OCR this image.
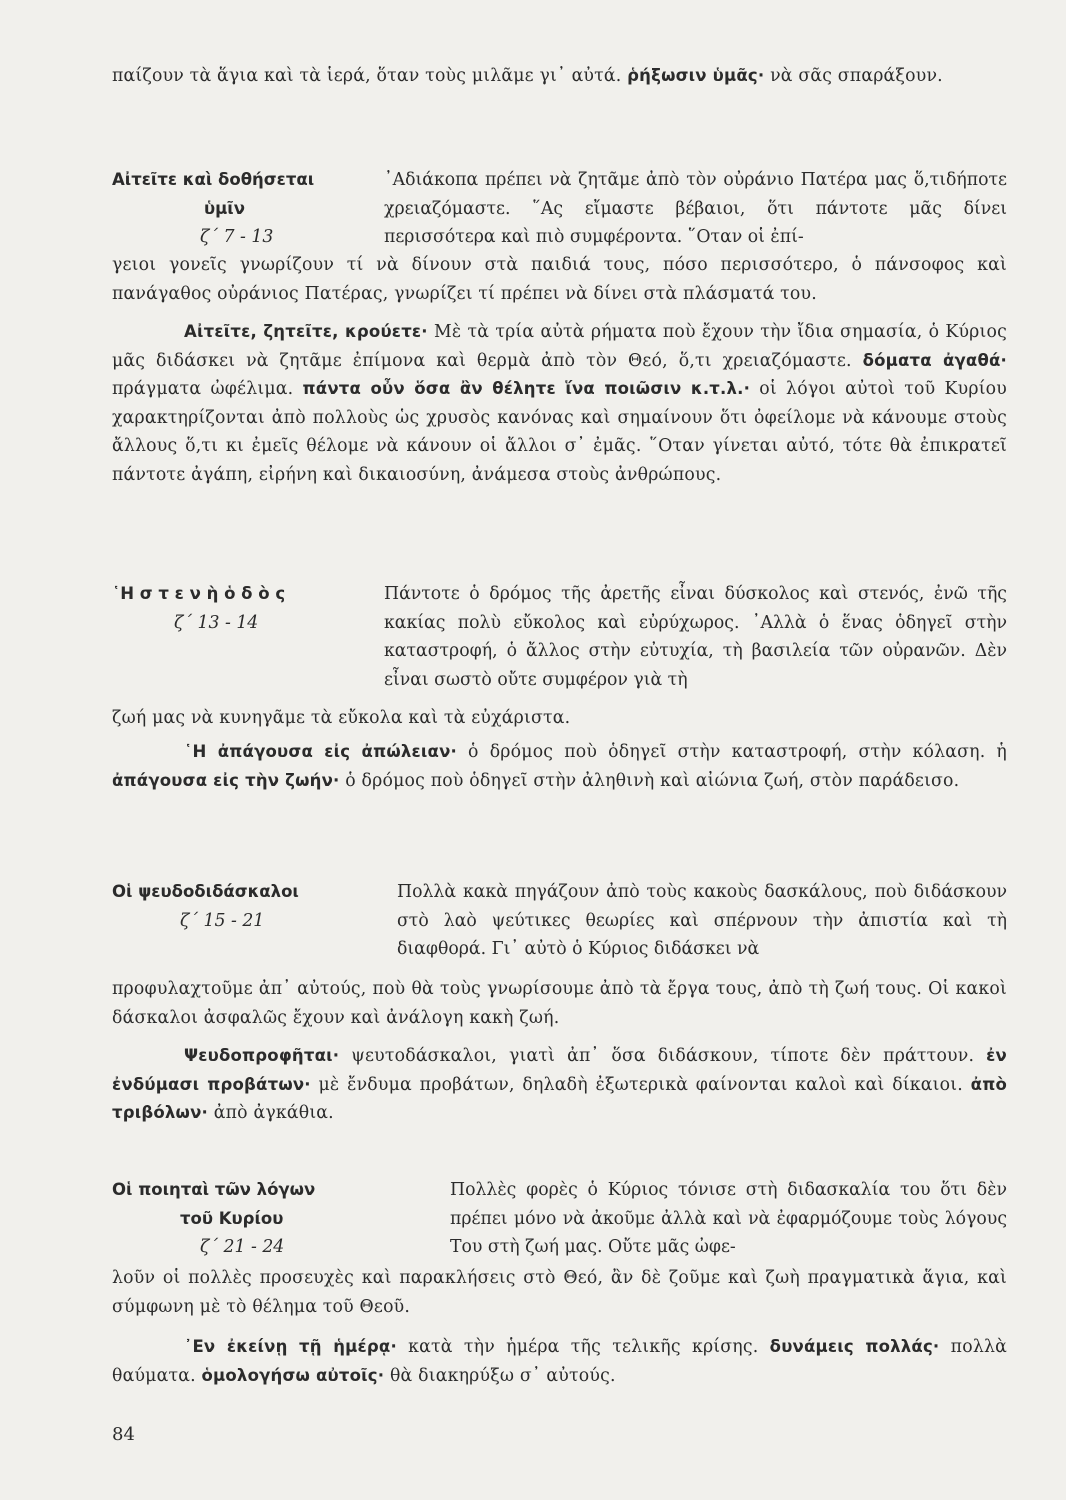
παίζουν τὰ ἅγια καὶ τὰ ἱερά, ὅταν τοὺς μιλᾶμε γι᾽ αὐτά. ῥήξωσιν ὑμᾶς· νὰ σᾶς σπαράξουν.
Αἰτεῖτε καὶ δοθήσεται
ὑμῖν
ζ´ 7 - 13
᾽Αδιάκοπα πρέπει νὰ ζητᾶμε ἀπὸ τὸν οὐράνιο Πατέρα μας ὅ,τιδήποτε χρειαζόμαστε. ῞Ας εἴμαστε βέβαιοι, ὅτι πάντοτε μᾶς δίνει περισσότερα καὶ πιὸ συμφέροντα. ῞Οταν οἱ ἐπί-
γειοι γονεῖς γνωρίζουν τί νὰ δίνουν στὰ παιδιά τους, πόσο περισσότερο, ὁ πάνσοφος καὶ πανάγαθος οὐράνιος Πατέρας, γνωρίζει τί πρέπει νὰ δίνει στὰ πλάσματά του.
Αἰτεῖτε, ζητεῖτε, κρούετε· Μὲ τὰ τρία αὐτὰ ρήματα ποὺ ἔχουν τὴν ἴδια σημασία, ὁ Κύριος μᾶς διδάσκει νὰ ζητᾶμε ἐπίμονα καὶ θερμὰ ἀπὸ τὸν Θεό, ὅ,τι χρειαζόμαστε. δόματα ἀγαθά· πράγματα ὠφέλιμα. πάντα οὖν ὅσα ἂν θέλητε ἵνα ποιῶσιν κ.τ.λ.· οἱ λόγοι αὐτοὶ τοῦ Κυρίου χαρακτηρίζονται ἀπὸ πολλοὺς ὡς χρυσὸς κανόνας καὶ σημαίνουν ὅτι ὀφείλομε νὰ κάνουμε στοὺς ἄλλους ὅ,τι κι ἐμεῖς θέλομε νὰ κάνουν οἱ ἄλλοι σ᾽ ἐμᾶς. ῞Οταν γίνεται αὐτό, τότε θὰ ἐπικρατεῖ πάντοτε ἀγάπη, εἰρήνη καὶ δικαιοσύνη, ἀνάμεσα στοὺς ἀνθρώπους.
῾Η σ τ ε ν ὴ ὁ δ ὸ ς
ζ´ 13 - 14
Πάντοτε ὁ δρόμος τῆς ἀρετῆς εἶναι δύσκολος καὶ στενός, ἐνῶ τῆς κακίας πολὺ εὔκολος καὶ εὐρύχωρος. ᾽Αλλὰ ὁ ἕνας ὁδηγεῖ στὴν καταστροφή, ὁ ἄλλος στὴν εὐτυχία, τὴ βασιλεία τῶν οὐρανῶν. Δὲν εἶναι σωστὸ οὔτε συμφέρον γιὰ τὴ
ζωή μας νὰ κυνηγᾶμε τὰ εὔκολα καὶ τὰ εὐχάριστα.
῾Η ἀπάγουσα εἰς ἀπώλειαν· ὁ δρόμος ποὺ ὁδηγεῖ στὴν καταστροφή, στὴν κόλαση. ἡ ἀπάγουσα εἰς τὴν ζωήν· ὁ δρόμος ποὺ ὁδηγεῖ στὴν ἀληθινὴ καὶ αἰώνια ζωή, στὸν παράδεισο.
Οἱ ψευδοδιδάσκαλοι
ζ´ 15 - 21
Πολλὰ κακὰ πηγάζουν ἀπὸ τοὺς κακοὺς δασκάλους, ποὺ διδάσκουν στὸ λαὸ ψεύτικες θεωρίες καὶ σπέρνουν τὴν ἀπιστία καὶ τὴ διαφθορά. Γι᾽ αὐτὸ ὁ Κύριος διδάσκει νὰ
προφυλαχτοῦμε ἀπ᾽ αὐτούς, ποὺ θὰ τοὺς γνωρίσουμε ἀπὸ τὰ ἔργα τους, ἀπὸ τὴ ζωή τους. Οἱ κακοὶ δάσκαλοι ἀσφαλῶς ἔχουν καὶ ἀνάλογη κακὴ ζωή.
Ψευδοπροφῆται· ψευτοδάσκαλοι, γιατὶ ἀπ᾽ ὅσα διδάσκουν, τίποτε δὲν πράττουν. ἐν ἐνδύμασι προβάτων· μὲ ἔνδυμα προβάτων, δηλαδὴ ἐξωτερικὰ φαίνονται καλοὶ καὶ δίκαιοι. ἀπὸ τριβόλων· ἀπὸ ἀγκάθια.
Οἱ ποιηταὶ τῶν λόγων
τοῦ Κυρίου
ζ´ 21 - 24
Πολλὲς φορὲς ὁ Κύριος τόνισε στὴ διδασκαλία του ὅτι δὲν πρέπει μόνο νὰ ἀκοῦμε ἀλλὰ καὶ νὰ ἐφαρμόζουμε τοὺς λόγους Του στὴ ζωή μας. Οὔτε μᾶς ὠφε-
λοῦν οἱ πολλὲς προσευχὲς καὶ παρακλήσεις στὸ Θεό, ἂν δὲ ζοῦμε καὶ ζωὴ πραγματικὰ ἅγια, καὶ σύμφωνη μὲ τὸ θέλημα τοῦ Θεοῦ.
᾽Εν ἐκείνῃ τῇ ἡμέρᾳ· κατὰ τὴν ἡμέρα τῆς τελικῆς κρίσης. δυνάμεις πολλάς· πολλὰ θαύματα. ὁμολογήσω αὐτοῖς· θὰ διακηρύξω σ᾽ αὐτούς.
84
